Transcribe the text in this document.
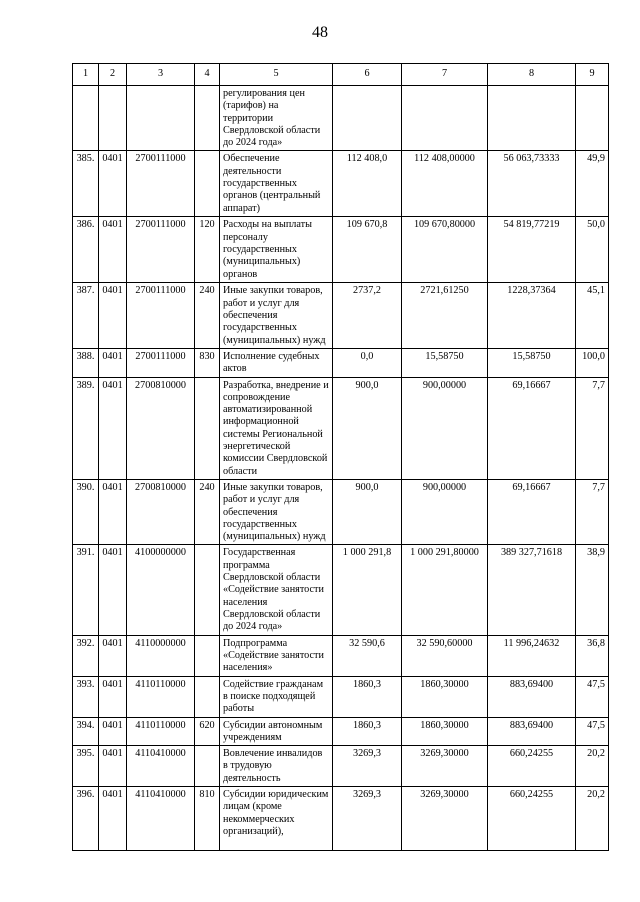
48
1	2	3	4	5	6	7	8	9
				регулирования цен (тарифов) на территории Свердловской области до 2024 года»				
385.	0401	2700111000		Обеспечение деятельности государственных органов (центральный аппарат)	112 408,0	112 408,00000	56 063,73333	49,9
386.	0401	2700111000	120	Расходы на выплаты персоналу государственных (муниципальных) органов	109 670,8	109 670,80000	54 819,77219	50,0
387.	0401	2700111000	240	Иные закупки товаров, работ и услуг для обеспечения государственных (муниципальных) нужд	2737,2	2721,61250	1228,37364	45,1
388.	0401	2700111000	830	Исполнение судебных актов	0,0	15,58750	15,58750	100,0
389.	0401	2700810000		Разработка, внедрение и сопровождение автоматизированной информационной системы Региональной энергетической комиссии Свердловской области	900,0	900,00000	69,16667	7,7
390.	0401	2700810000	240	Иные закупки товаров, работ и услуг для обеспечения государственных (муниципальных) нужд	900,0	900,00000	69,16667	7,7
391.	0401	4100000000		Государственная программа Свердловской области «Содействие занятости населения Свердловской области до 2024 года»	1 000 291,8	1 000 291,80000	389 327,71618	38,9
392.	0401	4110000000		Подпрограмма «Содействие занятости населения»	32 590,6	32 590,60000	11 996,24632	36,8
393.	0401	4110110000		Содействие гражданам в поиске подходящей работы	1860,3	1860,30000	883,69400	47,5
394.	0401	4110110000	620	Субсидии автономным учреждениям	1860,3	1860,30000	883,69400	47,5
395.	0401	4110410000		Вовлечение инвалидов в трудовую деятельность	3269,3	3269,30000	660,24255	20,2
396.	0401	4110410000	810	Субсидии юридическим лицам (кроме некоммерческих организаций),	3269,3	3269,30000	660,24255	20,2
